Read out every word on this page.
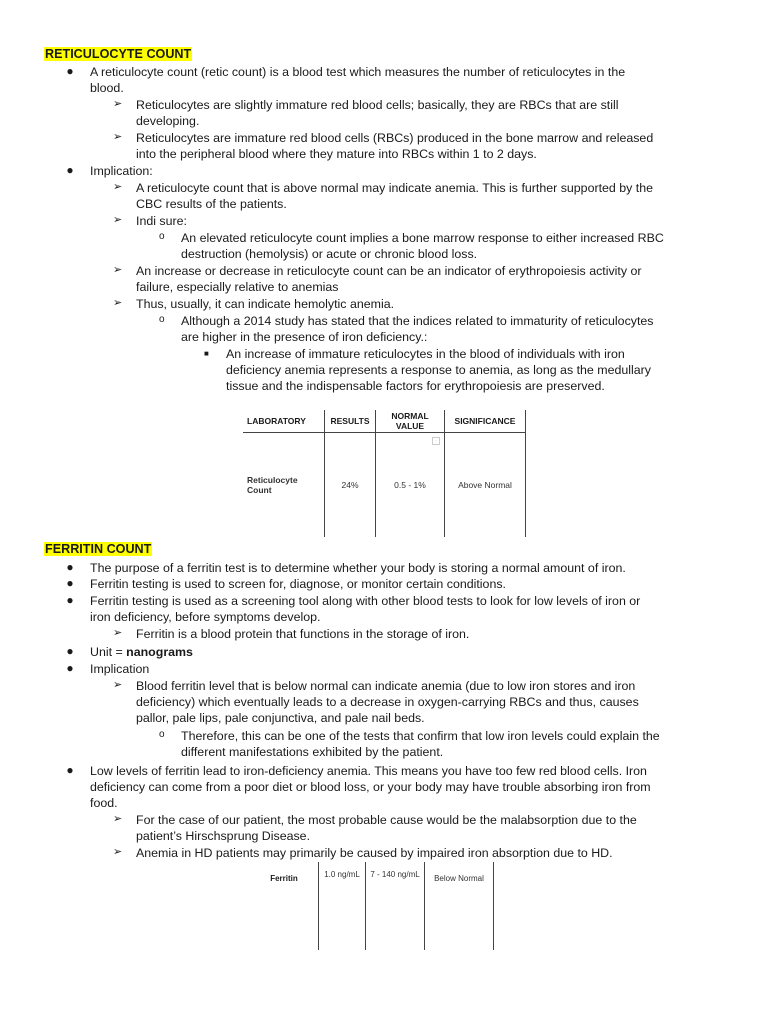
RETICULOCYTE COUNT
● A reticulocyte count (retic count) is a blood test which measures the number of reticulocytes in the
blood.
➢ Reticulocytes are slightly immature red blood cells; basically, they are RBCs that are still
developing.
➢ Reticulocytes are immature red blood cells (RBCs) produced in the bone marrow and released
into the peripheral blood where they mature into RBCs within 1 to 2 days.
● Implication:
➢ A reticulocyte count that is above normal may indicate anemia. This is further supported by the
CBC results of the patients.
➢ Indi sure:
o An elevated reticulocyte count implies a bone marrow response to either increased RBC
destruction (hemolysis) or acute or chronic blood loss.
➢ An increase or decrease in reticulocyte count can be an indicator of erythropoiesis activity or
failure, especially relative to anemias
➢ Thus, usually, it can indicate hemolytic anemia.
o Although a 2014 study has stated that the indices related to immaturity of reticulocytes
are higher in the presence of iron deficiency.:
■ An increase of immature reticulocytes in the blood of individuals with iron
deficiency anemia represents a response to anemia, as long as the medullary
tissue and the indispensable factors for erythropoiesis are preserved.
LABORATORY	RESULTS	NORMAL VALUE	SIGNIFICANCE
Reticulocyte Count	24%	0.5 - 1%	Above Normal
·
FERRITIN COUNT
● The purpose of a ferritin test is to determine whether your body is storing a normal amount of iron.
● Ferritin testing is used to screen for, diagnose, or monitor certain conditions.
● Ferritin testing is used as a screening tool along with other blood tests to look for low levels of iron or
iron deficiency, before symptoms develop.
➢ Ferritin is a blood protein that functions in the storage of iron.
● Unit = nanograms
● Implication
➢ Blood ferritin level that is below normal can indicate anemia (due to low iron stores and iron
deficiency) which eventually leads to a decrease in oxygen-carrying RBCs and thus, causes
pallor, pale lips, pale conjunctiva, and pale nail beds.
o Therefore, this can be one of the tests that confirm that low iron levels could explain the
different manifestations exhibited by the patient.
● Low levels of ferritin lead to iron-deficiency anemia. This means you have too few red blood cells. Iron
deficiency can come from a poor diet or blood loss, or your body may have trouble absorbing iron from
food.
➢ For the case of our patient, the most probable cause would be the malabsorption due to the
patient’s Hirschsprung Disease.
➢ Anemia in HD patients may primarily be caused by impaired iron absorption due to HD.
Ferritin	1.0 ng/mL	7 - 140 ng/mL	Below Normal
